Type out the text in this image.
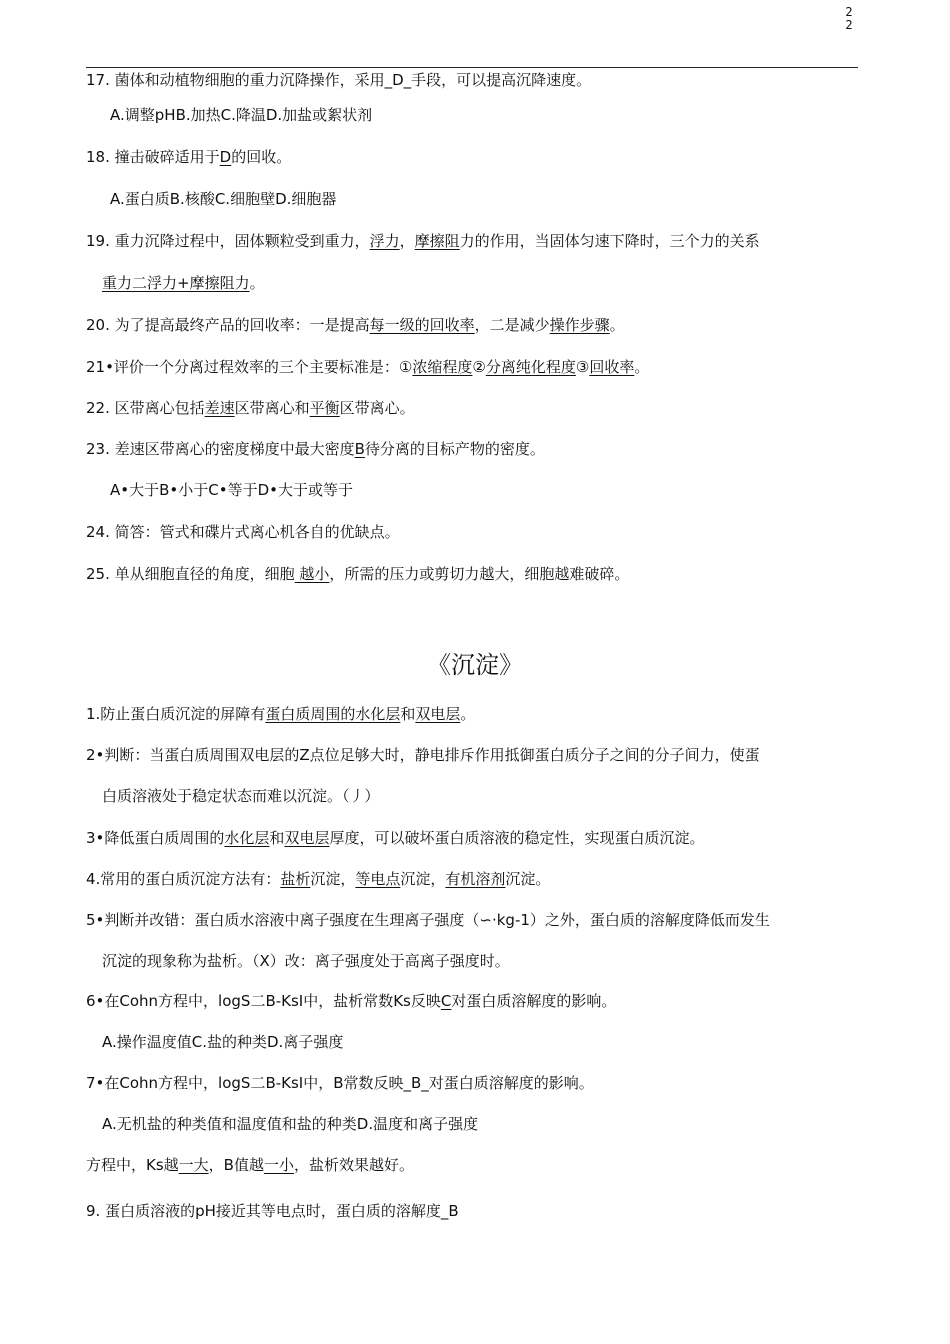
2
2
17. 菌体和动植物细胞的重力沉降操作，采用_D_手段，可以提高沉降速度。
A.调整pHB.加热C.降温D.加盐或絮状剂
18. 撞击破碎适用于D的回收。
A.蛋白质B.核酸C.细胞壁D.细胞器
19. 重力沉降过程中，固体颗粒受到重力，浮力，摩擦阻力的作用，当固体匀速下降时，三个力的关系
重力二浮力+摩擦阻力。
20. 为了提高最终产品的回收率：一是提高每一级的回收率，二是减少操作步骤。
21•评价一个分离过程效率的三个主要标准是：①浓缩程度②分离纯化程度③回收率。
22. 区带离心包括差速区带离心和平衡区带离心。
23. 差速区带离心的密度梯度中最大密度B待分离的目标产物的密度。
A•大于B•小于C•等于D•大于或等于
24. 简答：管式和碟片式离心机各自的优缺点。
25. 单从细胞直径的角度，细胞 越小，所需的压力或剪切力越大，细胞越难破碎。
《沉淀》
1.防止蛋白质沉淀的屏障有蛋白质周围的水化层和双电层。
2•判断：当蛋白质周围双电层的Z点位足够大时，静电排斥作用抵御蛋白质分子之间的分子间力，使蛋
白质溶液处于稳定状态而难以沉淀。（丿）
3•降低蛋白质周围的水化层和双电层厚度，可以破坏蛋白质溶液的稳定性，实现蛋白质沉淀。
4.常用的蛋白质沉淀方法有：盐析沉淀，等电点沉淀，有机溶剂沉淀。
5•判断并改错：蛋白质水溶液中离子强度在生理离子强度（∽·kg-1）之外，蛋白质的溶解度降低而发生
沉淀的现象称为盐析。（X）改：离子强度处于高离子强度时。
6•在Cohn方程中，logS二B-KsI中，盐析常数Ks反映C对蛋白质溶解度的影响。
A.操作温度值C.盐的种类D.离子强度
7•在Cohn方程中，logS二B-KsI中，B常数反映_B_对蛋白质溶解度的影响。
A.无机盐的种类值和温度值和盐的种类D.温度和离子强度
方程中，Ks越一大，B值越一小，盐析效果越好。
9. 蛋白质溶液的pH接近其等电点时，蛋白质的溶解度_B
